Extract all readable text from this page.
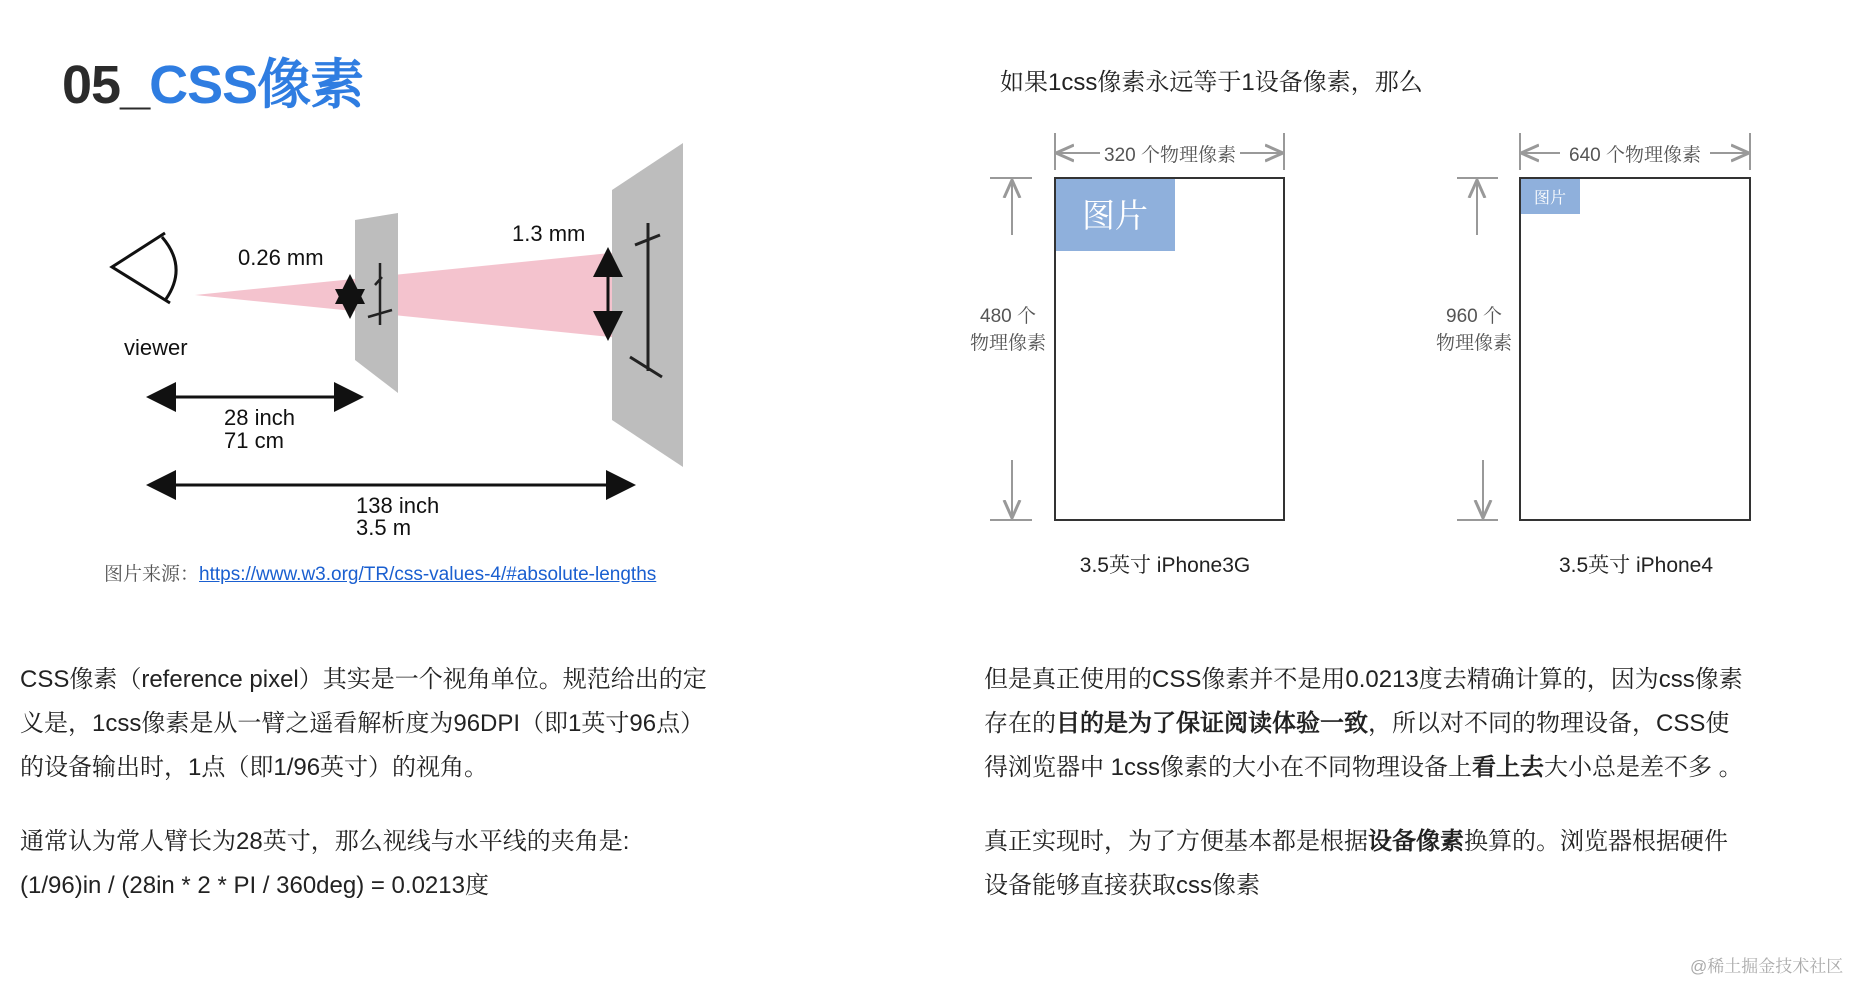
05_CSS像素
viewer
0.26 mm
1.3 mm
28 inch
71 cm
138 inch
3.5 m
图片来源：https://www.w3.org/TR/css-values-4/#absolute-lengths
CSS像素（reference pixel）其实是一个视角单位。规范给出的定
义是，1css像素是从一臂之遥看解析度为96DPI（即1英寸96点）
的设备输出时，1点（即1/96英寸）的视角。
通常认为常人臂长为28英寸，那么视线与水平线的夹角是:
(1/96)in / (28in * 2 * PI / 360deg) = 0.0213度
如果1css像素永远等于1设备像素，那么
320 个物理像素
480 个
物理像素
图片
3.5英寸 iPhone3G
640 个物理像素
960 个
物理像素
图片
3.5英寸 iPhone4
但是真正使用的CSS像素并不是用0.0213度去精确计算的，因为css像素
存在的目的是为了保证阅读体验一致，所以对不同的物理设备，CSS使
得浏览器中 1css像素的大小在不同物理设备上看上去大小总是差不多 。
真正实现时，为了方便基本都是根据设备像素换算的。浏览器根据硬件
设备能够直接获取css像素
@稀土掘金技术社区
